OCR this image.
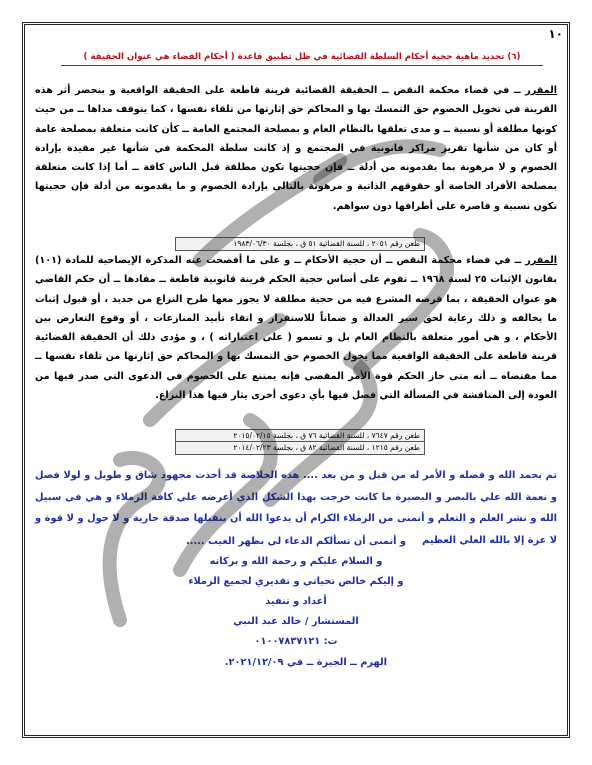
١٠
(٦) تحديد ماهية حجية أحكام السلطة القضائية في ظل تطبيق قاعدة ( أحكام القضاء هي عنوان الحقيقة )
المقرر ــ في قضاء محكمة النقض ــ الحقيقة القضائية قرينة قاطعة على الحقيقة الواقعية و ينحصر أثر هذه القرينة في تخويل الخصوم حق التمسك بها و المحاكم حق إثارتها من تلقاء نفسها ، كما يتوقف مداها ــ من حيث كونها مطلقة أو نسبية ــ و مدى تعلقها بالنظام العام و بمصلحة المجتمع العامة ــ كأن كانت متعلقة بمصلحة عامة أو كان من شأنها تقرير مراكز قانونية في المجتمع و إذ كانت سلطة المحكمة في شأنها غير مقيدة بإرادة الخصوم و لا مرهونة بما يقدمونه من أدلة ــ فإن حجيتها تكون مطلقة قبل الناس كافة ــ أما إذا كانت متعلقة بمصلحة الأفراد الخاصة أو حقوقهم الذاتية و مرهونة بالتالي بإرادة الخصوم و ما يقدمونه من أدلة فإن حجيتها تكون نسبية و قاصرة على أطرافها دون سواهم.
طعن رقم ٢٠٥١ ، للسنة القضائية ٥١ ق ، بجلسة ١٩٨٣/٠٦/٣٠
المقرر ــ في قضاء محكمة النقض ــ أن حجية الأحكام ــ و على ما أفصحت عنه المذكرة الإيضاحية للمادة (١٠١) بقانون الإثبات ٢٥ لسنة ١٩٦٨ ــ تقوم على أساس حجية الحكم قرينة قانونية قاطعة ــ مفادها ــ أن حكم القاضي هو عنوان الحقيقة ، بما فرضه المشرع فيه من حجية مطلقة لا يجوز معها طرح النزاع من جديد ، أو قبول إثبات ما يخالفه و ذلك رعاية لحق سير العدالة و ضماناً للاستقرار و اتقاء تأبيد المنازعات ، أو وقوع التعارض بين الأحكام ، و هي أمور متعلقة بالنظام العام بل و تسمو ( على اعتباراته ) ، و مؤدى ذلك أن الحقيقة القضائية قرينة قاطعة على الحقيقة الواقعية مما يخول الخصوم حق التمسك بها و المحاكم حق إثارتها من تلقاء نفسها ــ مما مقتضاه ــ أنه متى حاز الحكم قوة الأمر المقضي فإنه يمتنع على الخصوم في الدعوى التي صدر فيها من العودة إلى المناقشة في المسألة التي فصل فيها بأي دعوى أخرى يثار فيها هذا النزاع.
طعن رقم ٧٦٤٧ ، للسنة القضائية ٧٦ ق ، بجلسة ٢٠١٥/٠٢/١٥
طعن رقم ١٢١٥ ، للسنة القضائية ٨٢ ق ، بجلسة ٢٠١٤/٠٢/٢٣
تم بحمد الله و فضله و الأمر له من قبل و من بعد .... هذه الخلاصة قد أخذت مجهود شاق و طويل و لولا فضل و نعمة الله علي بالبصر و البصيرة ما كانت خرجت بهذا الشكل الذي أعرضه علي كافة الزملاء و هي في سبيل الله و نشر العلم و التعلم و أتمنى من الزملاء الكرام أن يدعوا الله أن يتقبلها صدقة جارية و لا حول و لا قوة و لا عزة إلا بالله العلي العظيم
و أتمنى أن تسألكم الدعاء لي بظهر الغيب .....
و السلام عليكم و رحمة الله و بركاته
و إليكم خالص تحياتي و تقديري لجميع الزملاء
أعداد و تنفيذ
المستشار / خالد عبد النبي
ت: ٠١٠٠٧٨٣٧١٢١
الهرم ــ الجيزة ــ في ٢٠٢١/١٢/٠٩.
